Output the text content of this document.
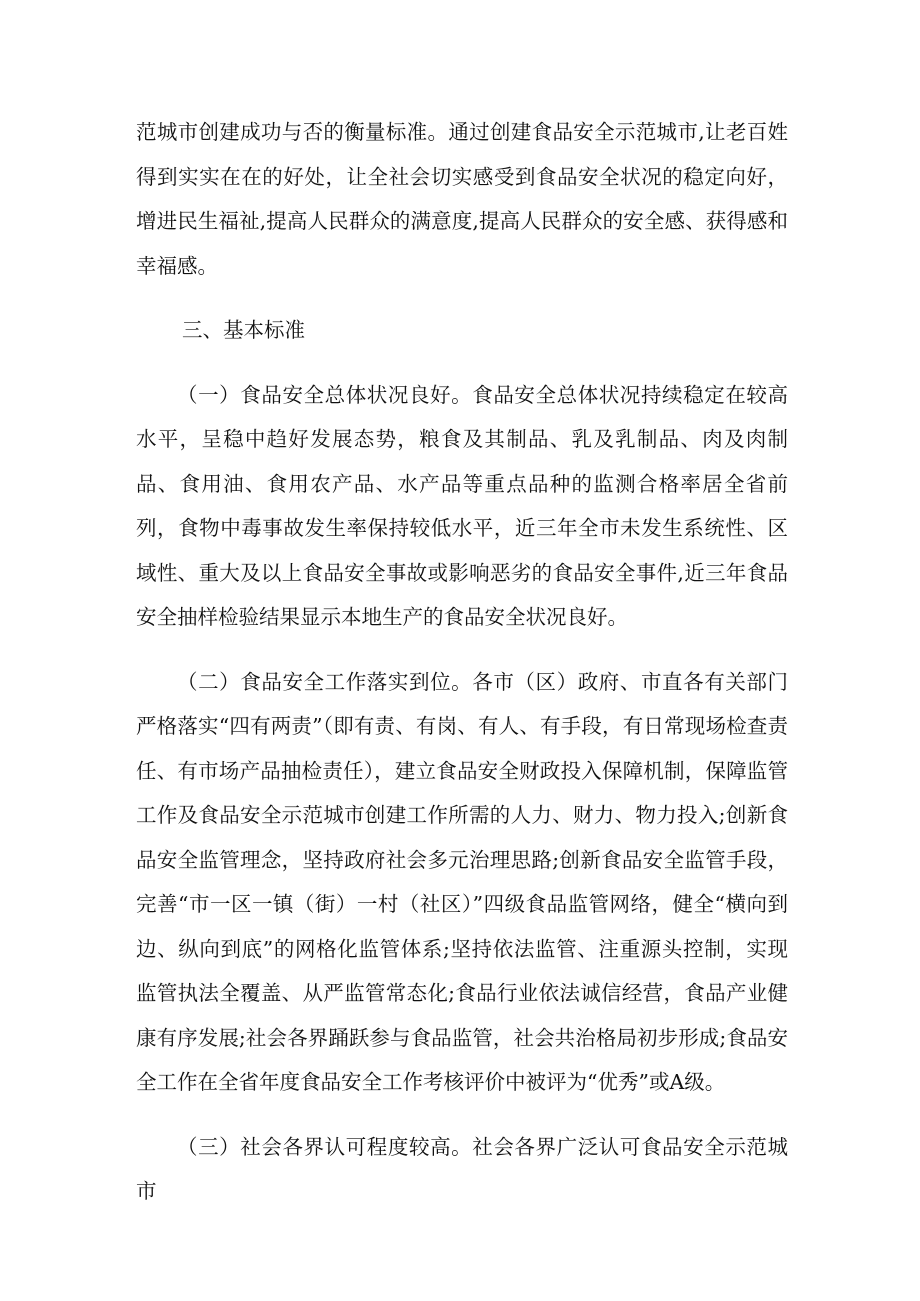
范城市创建成功与否的衡量标准。通过创建食品安全示范城市,让老百姓得到实实在在的好处，让全社会切实感受到食品安全状况的稳定向好，增进民生福祉,提高人民群众的满意度,提高人民群众的安全感、获得感和幸福感。

三、基本标准

（一）食品安全总体状况良好。食品安全总体状况持续稳定在较高水平，呈稳中趋好发展态势，粮食及其制品、乳及乳制品、肉及肉制品、食用油、食用农产品、水产品等重点品种的监测合格率居全省前列，食物中毒事故发生率保持较低水平，近三年全市未发生系统性、区域性、重大及以上食品安全事故或影响恶劣的食品安全事件,近三年食品安全抽样检验结果显示本地生产的食品安全状况良好。

（二）食品安全工作落实到位。各市（区）政府、市直各有关部门严格落实“四有两责”（即有责、有岗、有人、有手段，有日常现场检查责任、有市场产品抽检责任），建立食品安全财政投入保障机制，保障监管工作及食品安全示范城市创建工作所需的人力、财力、物力投入;创新食品安全监管理念，坚持政府社会多元治理思路;创新食品安全监管手段，完善“市一区一镇（街）一村（社区）”四级食品监管网络，健全“横向到边、纵向到底”的网格化监管体系;坚持依法监管、注重源头控制，实现监管执法全覆盖、从严监管常态化;食品行业依法诚信经营，食品产业健康有序发展;社会各界踊跃参与食品监管，社会共治格局初步形成;食品安全工作在全省年度食品安全工作考核评价中被评为“优秀”或A级。

（三）社会各界认可程度较高。社会各界广泛认可食品安全示范城市
